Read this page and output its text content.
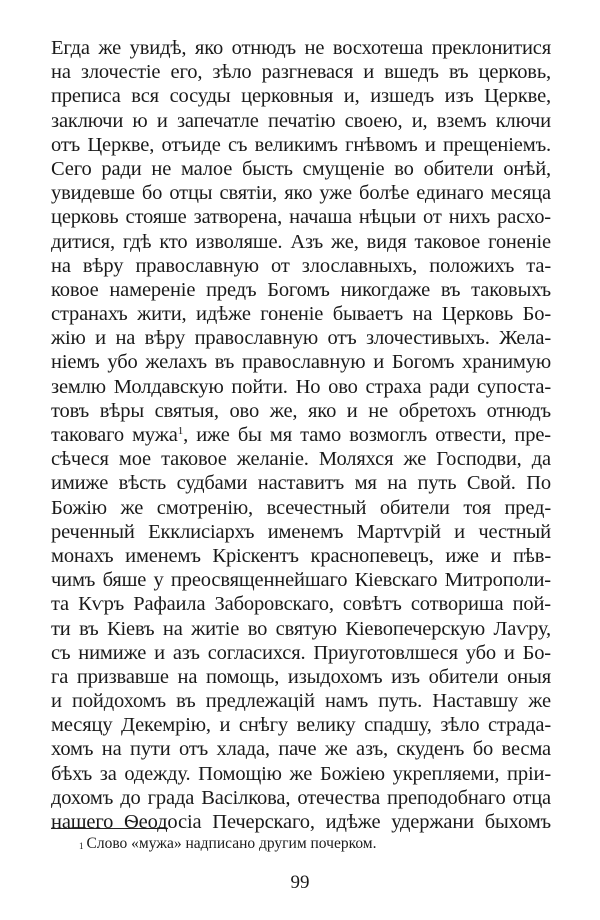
Егда же увидѣ, яко отнюдъ не восхотеша преклонитися
на злочестіе его, зѣло разгневася и вшедъ въ церковь,
преписа вся сосуды церковныя и, изшедъ изъ Церкве,
заключи ю и запечатле печатію своею, и, вземъ ключи
отъ Церкве, отъиде съ великимъ гнѣвомъ и прещеніемъ.
Сего ради не малое бысть смущеніе во обители онѣй,
увидевше бо отцы святіи, яко уже болѣе единаго месяца
церковь стояше затворена, начаша нѣцыи от нихъ расхо-
дитися, гдѣ кто изволяше. Азъ же, видя таковое гоненіе
на вѣру православную от злославныхъ, положихъ та-
ковое намереніе предъ Богомъ никогдаже въ таковыхъ
странахъ жити, идѣже гоненіе бываетъ на Церковь Бо-
жію и на вѣру православную отъ злочестивыхъ. Жела-
ніемъ убо желахъ въ православную и Богомъ хранимую
землю Молдавскую пойти. Но ово страха ради супоста-
товъ вѣры святыя, ово же, яко и не обретохъ отнюдъ
таковаго мужа$^1$, иже бы мя тамо возмоглъ отвести, пре-
сѣчеся мое таковое желаніе. Моляхся же Господви, да
имиже вѣсть судбами наставитъ мя на путь Свой. По
Божію же смотренію, всечестный обители тоя пред-
реченный Екклисіархъ именемъ Мартѵрій и честный
монахъ именемъ Кріскентъ краснопевецъ, иже и пѣв-
чимъ бяше у преосвященнейшаго Кіевскаго Митрополи-
та Кѵръ Рафаила Заборовскаго, совѣтъ сотвориша пой-
ти въ Кіевъ на житіе во святую Кіевопечерскую Лаѵру,
съ нимиже и азъ согласихся. Приуготовлшеся убо и Бо-
га призвавше на помощь, изыдохомъ изъ обители оныя
и пойдохомъ въ предлежацій намъ путь. Наставшу же
месяцу Декемрію, и снѣгу велику спадшу, зѣло страда-
хомъ на пути отъ хлада, паче же азъ, скуденъ бо весма
бѣхъ за одежду. Помощію же Божіею укрепляеми, пріи-
дохомъ до града Васілкова, отечества преподобнаго отца
нашего Ѳеодосіа Печерскаго, идѣже удержани быхомъ
$^1$ Слово «мужа» надписано другим почерком.
99
